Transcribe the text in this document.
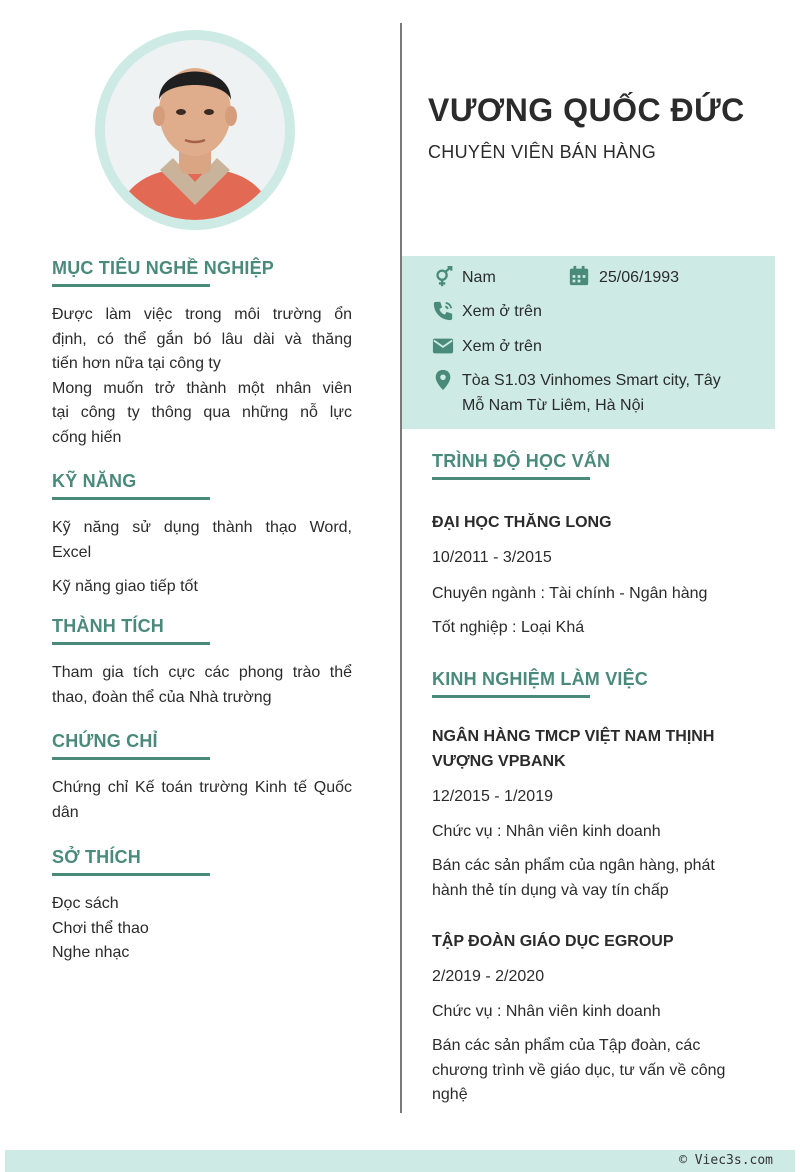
VƯƠNG QUỐC ĐỨC
CHUYÊN VIÊN BÁN HÀNG
Nam	25/06/1993
Xem ở trên
Xem ở trên
Tòa S1.03 Vinhomes Smart city, Tây
Mỗ Nam Từ Liêm, Hà Nội
MỤC TIÊU NGHỀ NGHIỆP

Được làm việc trong môi trường ổn

định, có thể gắn bó lâu dài và thăng

tiến hơn nữa tại công ty

Mong muốn trở thành một nhân viên

tại công ty thông qua những nỗ lực

cống hiến

KỸ NĂNG

Kỹ năng sử dụng thành thạo Word,

Excel

Kỹ năng giao tiếp tốt

THÀNH TÍCH

Tham gia tích cực các phong trào thể

thao, đoàn thể của Nhà trường

CHỨNG CHỈ

Chứng chỉ Kế toán trường Kinh tế Quốc

dân

SỞ THÍCH

Đọc sách

Chơi thể thao

Nghe nhạc

TRÌNH ĐỘ HỌC VẤN

ĐẠI HỌC THĂNG LONG

10/2011 - 3/2015

Chuyên ngành : Tài chính - Ngân hàng

Tốt nghiệp : Loại Khá

KINH NGHIỆM LÀM VIỆC

NGÂN HÀNG TMCP VIỆT NAM THỊNH

VƯỢNG VPBANK

12/2015 - 1/2019

Chức vụ : Nhân viên kinh doanh

Bán các sản phẩm của ngân hàng, phát

hành thẻ tín dụng và vay tín chấp

TẬP ĐOÀN GIÁO DỤC EGROUP

2/2019 - 2/2020

Chức vụ : Nhân viên kinh doanh

Bán các sản phẩm của Tập đoàn, các

chương trình về giáo dục, tư vấn về công

nghệ

© Viec3s.com
